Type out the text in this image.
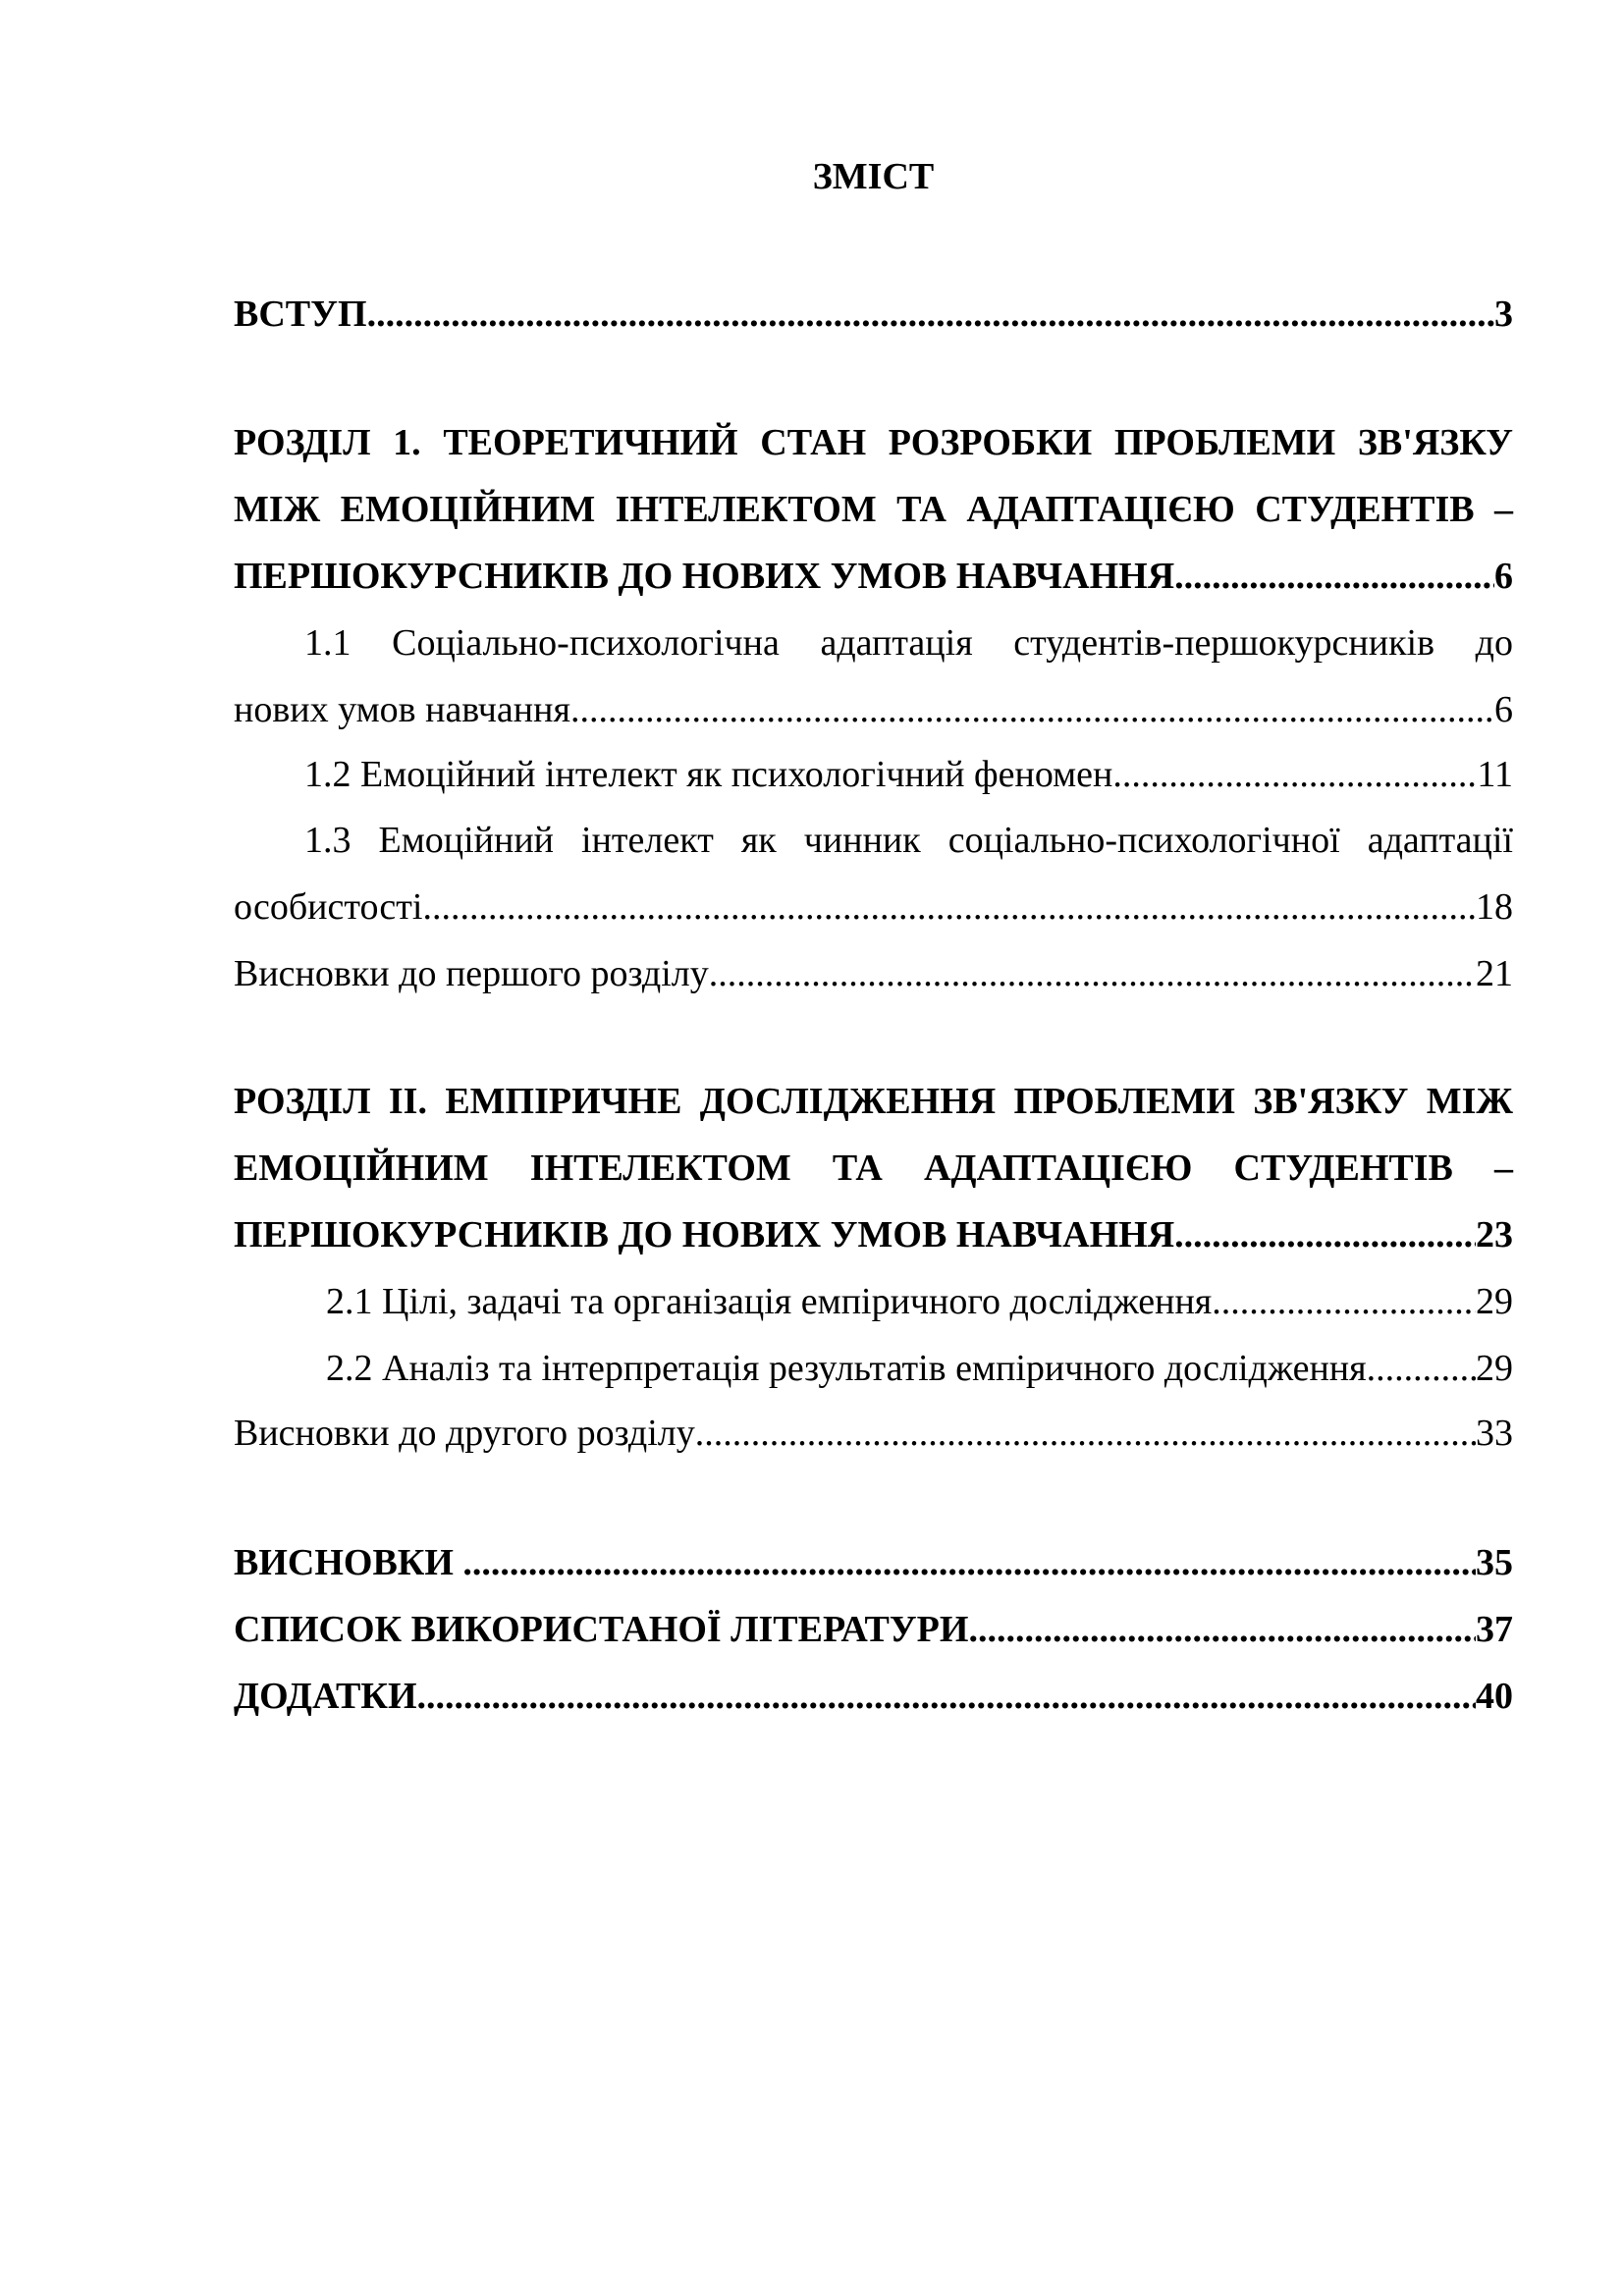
ЗМІСТ
ВСТУП .....	3
РОЗДІЛ 1. ТЕОРЕТИЧНИЙ СТАН РОЗРОБКИ ПРОБЛЕМИ ЗВ'ЯЗКУ
МІЖ ЕМОЦІЙНИМ ІНТЕЛЕКТОМ ТА АДАПТАЦІЄЮ СТУДЕНТІВ –
ПЕРШОКУРСНИКІВ ДО НОВИХ УМОВ НАВЧАННЯ .....	6
1.1 Соціально-психологічна адаптація студентів-першокурсників до
нових умов навчання .....	6
1.2 Емоційний інтелект як психологічний феномен .....	11
1.3 Емоційний інтелект як чинник соціально-психологічної адаптації
особистості .....	18
Висновки до першого розділу .....	21
РОЗДІЛ ІІ. ЕМПІРИЧНЕ ДОСЛІДЖЕННЯ ПРОБЛЕМИ ЗВ'ЯЗКУ МІЖ
ЕМОЦІЙНИМ ІНТЕЛЕКТОМ ТА АДАПТАЦІЄЮ СТУДЕНТІВ –
ПЕРШОКУРСНИКІВ ДО НОВИХ УМОВ НАВЧАННЯ .....	23
2.1 Цілі, задачі та організація емпіричного дослідження .....	29
2.2 Аналіз та інтерпретація результатів емпіричного дослідження .....	29
Висновки до другого розділу .....	33
ВИСНОВКИ .....	35
СПИСОК ВИКОРИСТАНОЇ ЛІТЕРАТУРИ .....	37
ДОДАТКИ .....	40
